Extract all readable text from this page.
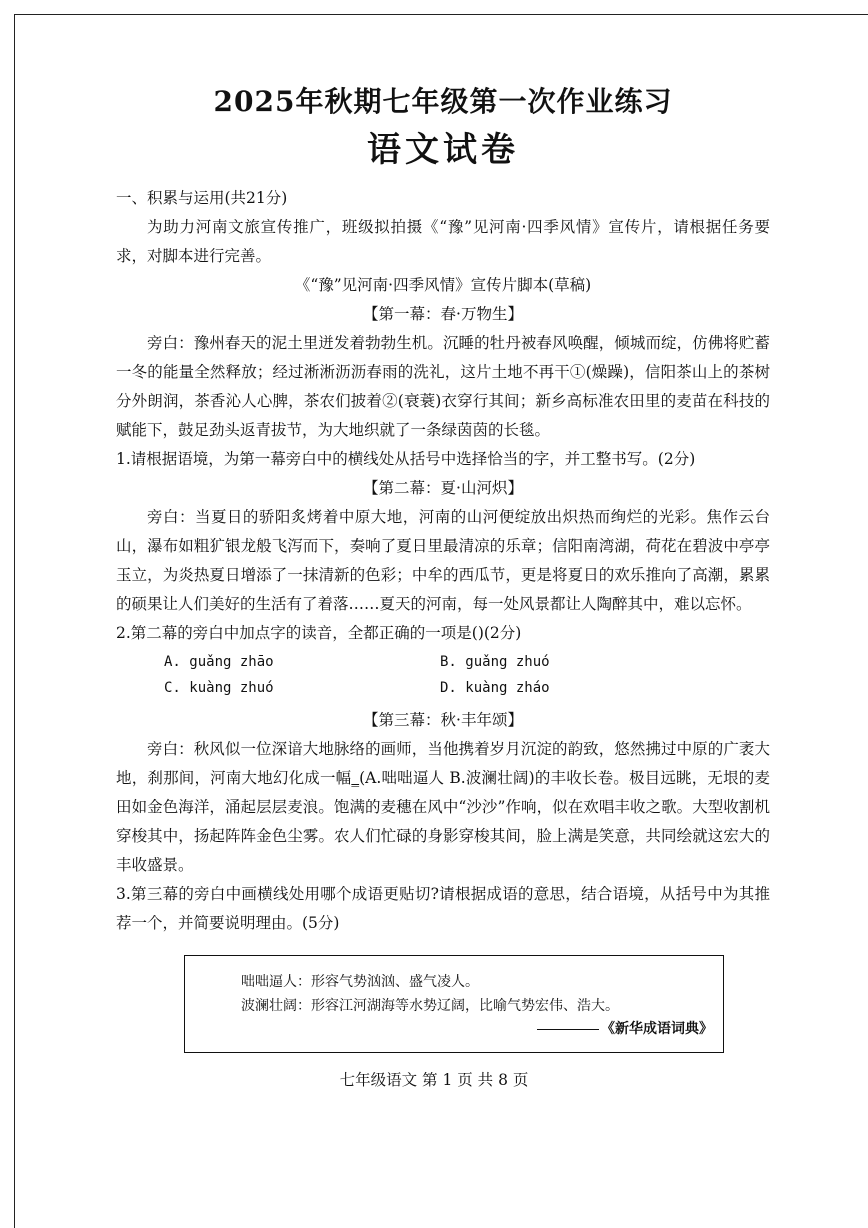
2025年秋期七年级第一次作业练习
语文试卷
一、积累与运用(共21分)
为助力河南文旅宣传推广，班级拟拍摄《“豫”见河南·四季风情》宣传片，请根据任务要求，对脚本进行完善。
《“豫”见河南·四季风情》宣传片脚本(草稿)
【第一幕：春·万物生】
旁白：豫州春天的泥土里迸发着勃勃生机。沉睡的牡丹被春风唤醒，倾城而绽，仿佛将贮蓄一冬的能量全然释放；经过淅淅沥沥春雨的洗礼，这片土地不再干①(燥躁)，信阳茶山上的茶树分外朗润，茶香沁人心脾，茶农们披着②(衰蓑)衣穿行其间；新乡高标准农田里的麦苗在科技的赋能下，鼓足劲头返青拔节，为大地织就了一条绿茵茵的长毯。
1.请根据语境，为第一幕旁白中的横线处从括号中选择恰当的字，并工整书写。(2分)
【第二幕：夏·山河炽】
旁白：当夏日的骄阳炙烤着中原大地，河南的山河便绽放出炽热而绚烂的光彩。焦作云台山，瀑布如粗犷银龙般飞泻而下，奏响了夏日里最清凉的乐章；信阳南湾湖，荷花在碧波中亭亭玉立，为炎热夏日增添了一抹清新的色彩；中牟的西瓜节，更是将夏日的欢乐推向了高潮，累累的硕果让人们美好的生活有了着落……夏天的河南，每一处风景都让人陶醉其中，难以忘怀。
2.第二幕的旁白中加点字的读音，全都正确的一项是()(2分)
A. guǎng zhāo	B. guǎng zhuó
C. kuàng zhuó	D. kuàng zháo
【第三幕：秋·丰年颂】
旁白：秋风似一位深谙大地脉络的画师，当他携着岁月沉淀的韵致，悠然拂过中原的广袤大地，刹那间，河南大地幻化成一幅_(A.咄咄逼人 B.波澜壮阔)的丰收长卷。极目远眺，无垠的麦田如金色海洋，涌起层层麦浪。饱满的麦穗在风中“沙沙”作响，似在欢唱丰收之歌。大型收割机穿梭其中，扬起阵阵金色尘雾。农人们忙碌的身影穿梭其间，脸上满是笑意，共同绘就这宏大的丰收盛景。
3.第三幕的旁白中画横线处用哪个成语更贴切?请根据成语的意思，结合语境，从括号中为其推荐一个，并简要说明理由。(5分)
咄咄逼人：形容气势汹汹、盛气凌人。
波澜壮阔：形容江河湖海等水势辽阔，比喻气势宏伟、浩大。
《新华成语词典》
七年级语文 第 1 页 共 8 页
